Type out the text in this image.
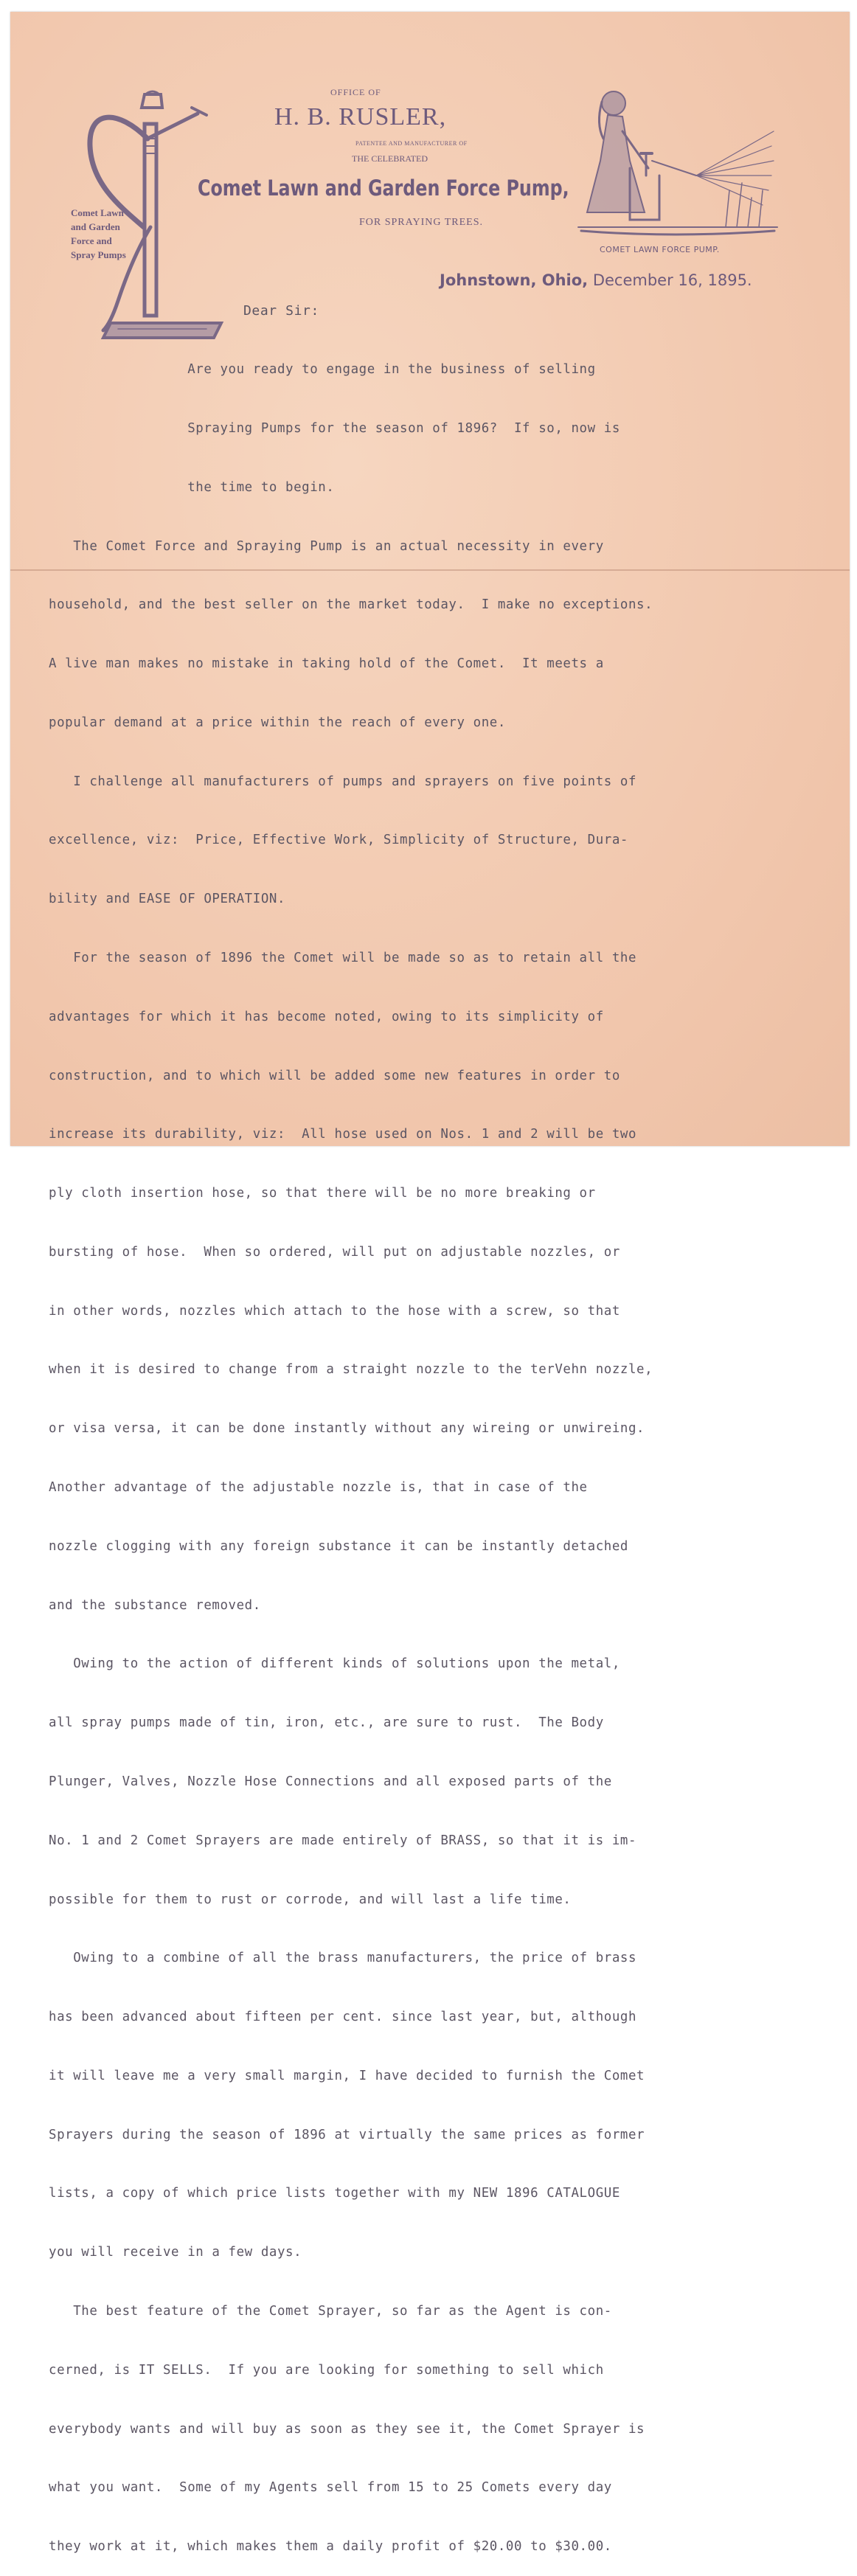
OFFICE OF
H. B. RUSLER,
PATENTEE AND MANUFACTURER OF
THE CELEBRATED
Comet Lawn and Garden Force Pump,
FOR SPRAYING TREES.
Comet Lawn
and Garden
Force and
Spray Pumps	COMET LAWN FORCE PUMP.
Johnstown, Ohio, December 16, 1895.
Dear Sir:

Are you ready to engage in the business of selling

Spraying Pumps for the season of 1896?  If so, now is

the time to begin.

The Comet Force and Spraying Pump is an actual necessity in every

household, and the best seller on the market today.  I make no exceptions.

A live man makes no mistake in taking hold of the Comet.  It meets a

popular demand at a price within the reach of every one.

I challenge all manufacturers of pumps and sprayers on five points of

excellence, viz:  Price, Effective Work, Simplicity of Structure, Dura-

bility and EASE OF OPERATION.

For the season of 1896 the Comet will be made so as to retain all the

advantages for which it has become noted, owing to its simplicity of

construction, and to which will be added some new features in order to

increase its durability, viz:  All hose used on Nos. 1 and 2 will be two

ply cloth insertion hose, so that there will be no more breaking or

bursting of hose.  When so ordered, will put on adjustable nozzles, or

in other words, nozzles which attach to the hose with a screw, so that

when it is desired to change from a straight nozzle to the terVehn nozzle,

or visa versa, it can be done instantly without any wireing or unwireing.

Another advantage of the adjustable nozzle is, that in case of the

nozzle clogging with any foreign substance it can be instantly detached

and the substance removed.

Owing to the action of different kinds of solutions upon the metal,

all spray pumps made of tin, iron, etc., are sure to rust.  The Body

Plunger, Valves, Nozzle Hose Connections and all exposed parts of the

No. 1 and 2 Comet Sprayers are made entirely of BRASS, so that it is im-

possible for them to rust or corrode, and will last a life time.

Owing to a combine of all the brass manufacturers, the price of brass

has been advanced about fifteen per cent. since last year, but, although

it will leave me a very small margin, I have decided to furnish the Comet

Sprayers during the season of 1896 at virtually the same prices as former

lists, a copy of which price lists together with my NEW 1896 CATALOGUE

you will receive in a few days.

The best feature of the Comet Sprayer, so far as the Agent is con-

cerned, is IT SELLS.  If you are looking for something to sell which

everybody wants and will buy as soon as they see it, the Comet Sprayer is

what you want.  Some of my Agents sell from 15 to 25 Comets every day

they work at it, which makes them a daily profit of $20.00 to $30.00.
